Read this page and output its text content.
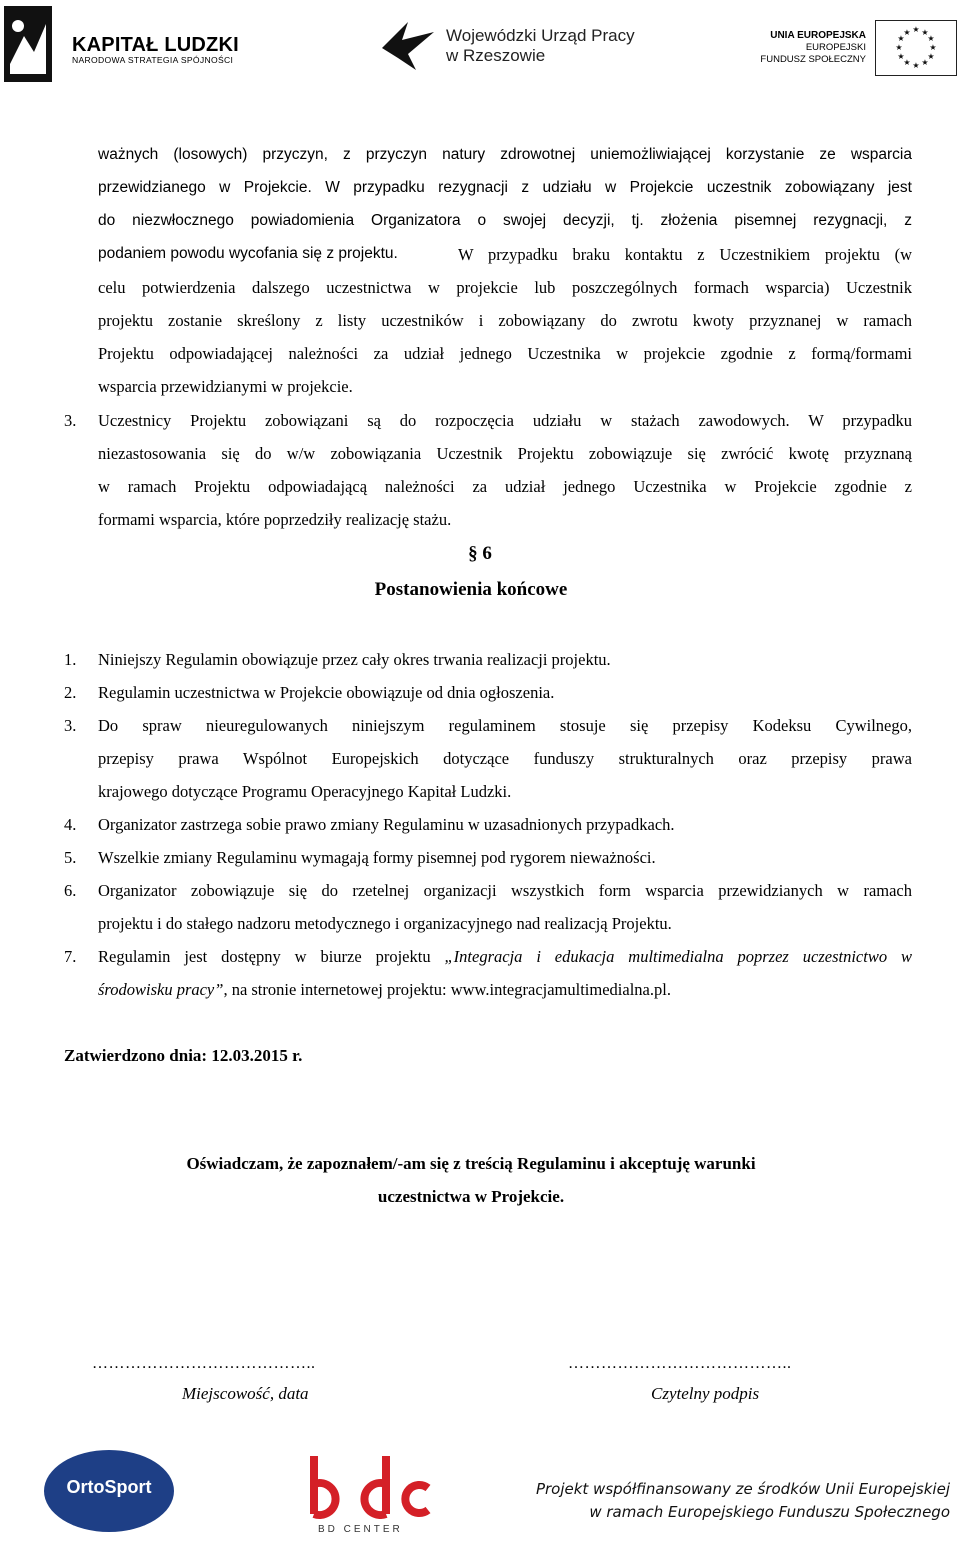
KAPITAŁ LUDZKI
NARODOWA STRATEGIA SPÓJNOŚCI
Wojewódzki Urząd Pracy
w Rzeszowie
UNIA EUROPEJSKA
EUROPEJSKI
FUNDUSZ SPOŁECZNY
★ ★
★
★
★
★
★
★
★
★
★
★
ważnych (losowych) przyczyn, z przyczyn natury zdrowotnej uniemożliwiającej korzystanie ze wsparcia
przewidzianego w Projekcie. W przypadku rezygnacji z udziału w Projekcie uczestnik zobowiązany jest
do niezwłocznego powiadomienia Organizatora o swojej decyzji, tj. złożenia pisemnej rezygnacji, z
podaniem powodu wycofania się z projektu.	W przypadku braku kontaktu z Uczestnikiem projektu (w
celu potwierdzenia dalszego uczestnictwa w projekcie lub poszczególnych formach wsparcia) Uczestnik
projektu zostanie skreślony z listy uczestników i zobowiązany do zwrotu kwoty przyznanej w ramach
Projektu odpowiadającej należności za udział jednego Uczestnika w projekcie zgodnie z formą/formami
wsparcia przewidzianymi w projekcie.
3. Uczestnicy Projektu zobowiązani są do rozpoczęcia udziału w stażach zawodowych. W przypadku
niezastosowania się do w/w zobowiązania Uczestnik Projektu zobowiązuje się zwrócić kwotę przyznaną
w ramach Projektu odpowiadającą należności za udział jednego Uczestnika w Projekcie zgodnie z
formami wsparcia, które poprzedziły realizację stażu.
§ 6
Postanowienia końcowe
1. Niniejszy Regulamin obowiązuje przez cały okres trwania realizacji projektu.
2. Regulamin uczestnictwa w Projekcie obowiązuje od dnia ogłoszenia.
3. Do spraw nieuregulowanych niniejszym regulaminem stosuje się przepisy Kodeksu Cywilnego,
przepisy prawa Wspólnot Europejskich dotyczące funduszy strukturalnych oraz przepisy prawa
krajowego dotyczące Programu Operacyjnego Kapitał Ludzki.
4. Organizator zastrzega sobie prawo zmiany Regulaminu w uzasadnionych przypadkach.
5. Wszelkie zmiany Regulaminu wymagają formy pisemnej pod rygorem nieważności.
6. Organizator zobowiązuje się do rzetelnej organizacji wszystkich form wsparcia przewidzianych w ramach
projektu i do stałego nadzoru metodycznego i organizacyjnego nad realizacją Projektu.
7. Regulamin jest dostępny w biurze projektu „Integracja i edukacja multimedialna poprzez uczestnictwo w
środowisku pracy”, na stronie internetowej projektu: www.integracjamultimedialna.pl.
Zatwierdzono dnia: 12.03.2015 r.
Oświadczam, że zapoznałem/-am się z treścią Regulaminu i akceptuję warunki
uczestnictwa w Projekcie.
…………………………………..
Miejscowość, data
…………………………………..
Czytelny podpis
OrtoSport
BD CENTER
Projekt współfinansowany ze środków Unii Europejskiej
w ramach Europejskiego Funduszu Społecznego
